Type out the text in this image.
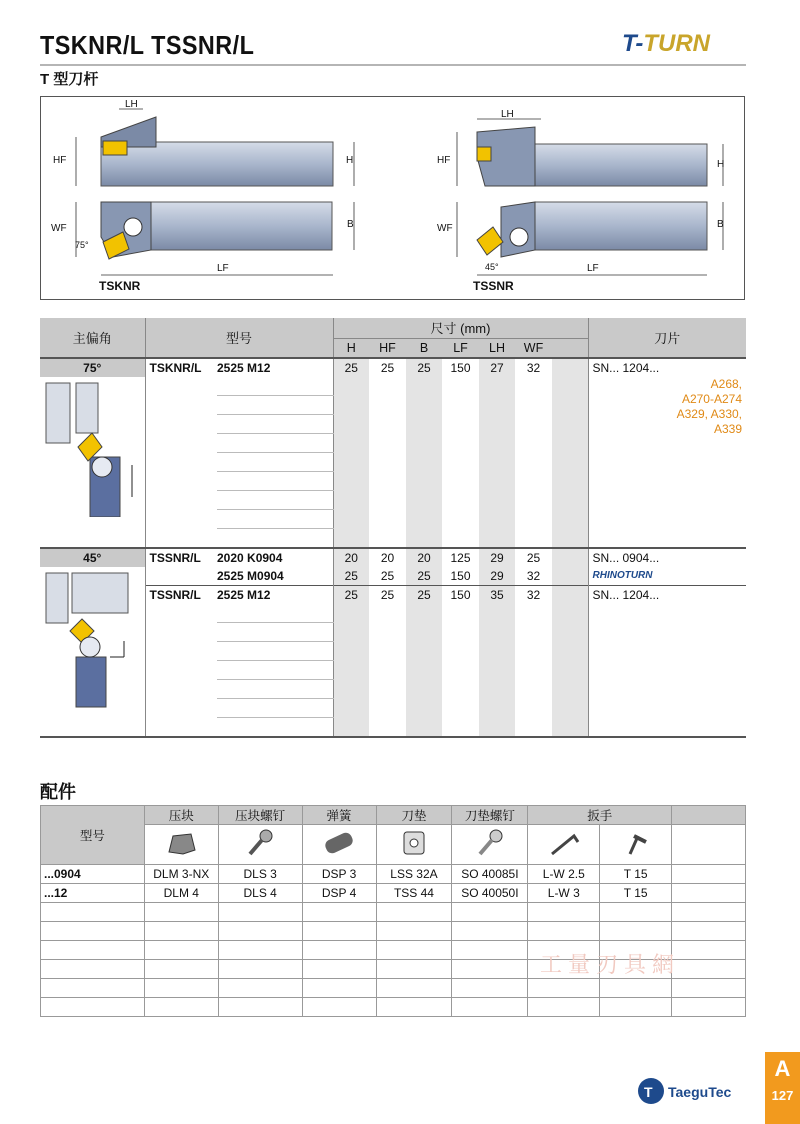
TSKNR/L TSSNR/L	T-TURN
T 型刀杆
LH
LH
HF	HF
H	H
WF	WF
B	B
LF	LF
75°
45°
TSKNR	TSSNR
主偏角	型号		尺寸 (mm)							刀片
			H	HF	B	LF	LH	WF		
75°	TSKNR/L	2525 M12	25	25	25	150	27	32		SN... 1204...

A268,
A270-A274
A329, A330,
A339

45°	TSSNR/L	2020 K0904	20	20	20	125	29	25		SN... 0904...
		2525 M0904	25	25	25	150	29	32		RHINOTURN
	TSSNR/L	2525 M12	25	25	25	150	35	32		SN... 1204...

配件
型号	压块	压块螺钉	弹簧	刀垫	刀垫螺钉	扳手		

...0904	DLM 3-NX	DLS 3	DSP 3	LSS 32A	SO 40085I	L-W 2.5	T 15	
...12	DLM 4	DLS 4	DSP 4	TSS 44	SO 40050I	L-W 3	T 15	

工量刃具網
T TaeguTec
A
127
